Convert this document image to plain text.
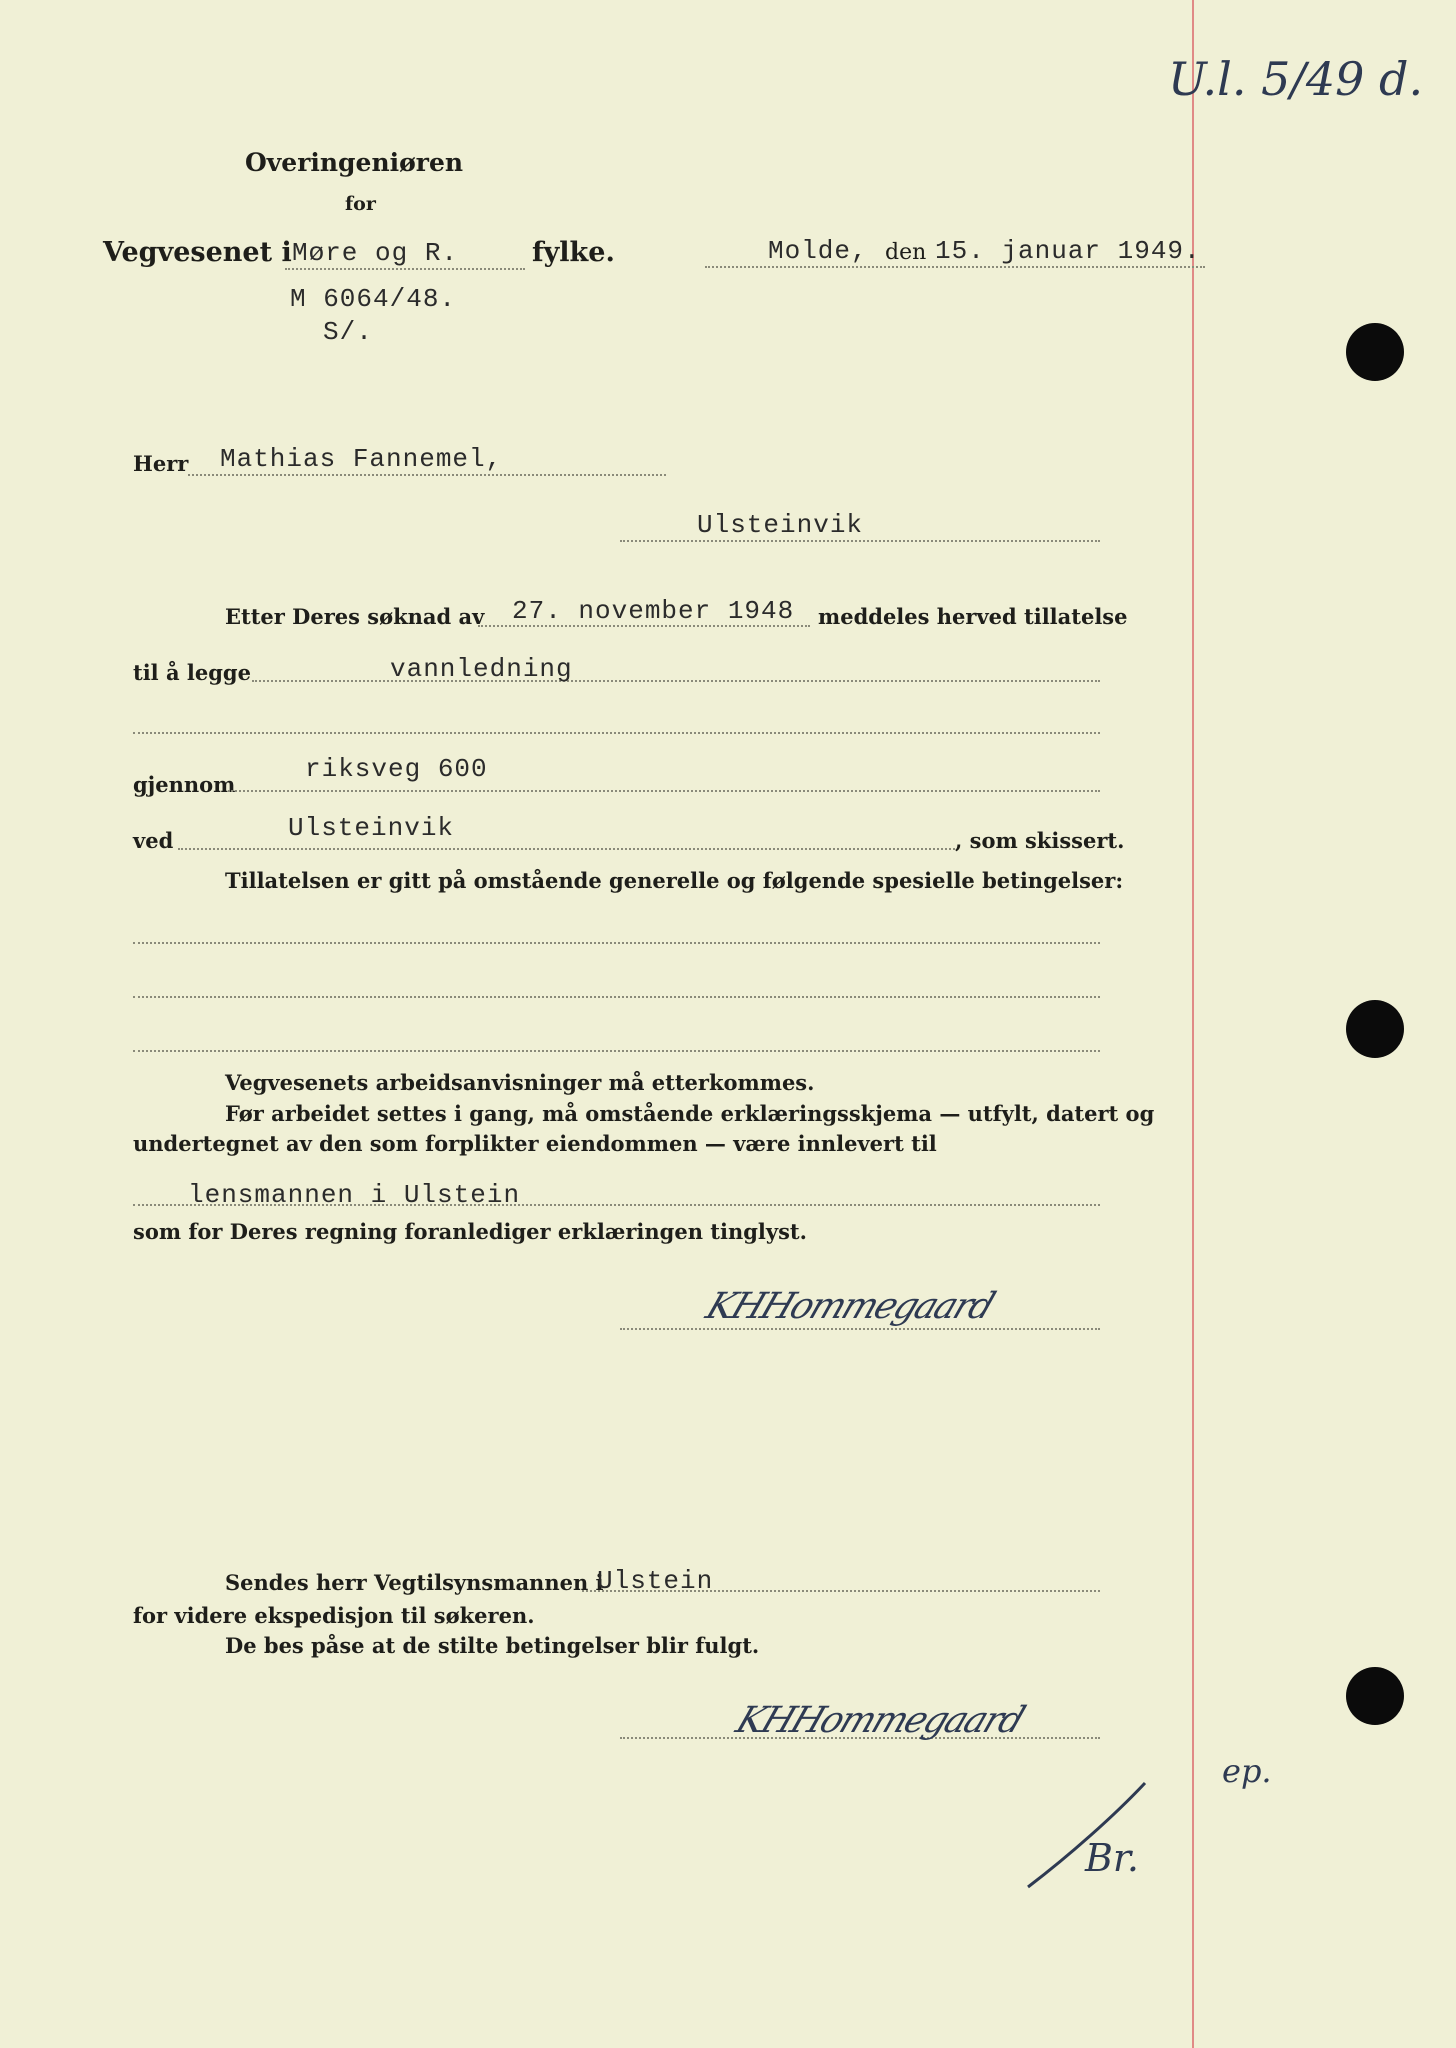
U.l. 5/49 d.
Overingeniøren
for
Vegvesenet i Møre og R.	fylke.	Molde, den 15. januar 1949.
M 6064/48.
S/.
Herr Mathias Fannemel,
Ulsteinvik
Etter Deres søknad av 27. november 1948 meddeles herved tillatelse
til å legge	vannledning
gjennom
riksveg 600
ved	Ulsteinvik	, som skissert.
Tillatelsen er gitt på omstående generelle og følgende spesielle betingelser:
Vegvesenets arbeidsanvisninger må etterkommes.
Før arbeidet settes i gang, må omstående erklæringsskjema — utfylt, datert og
undertegnet av den som forplikter eiendommen — være innlevert til
lensmannen i Ulstein
som for Deres regning foranlediger erklæringen tinglyst.
KHHommegaard
Sendes herr Vegtilsynsmannen i
Ulstein
for videre ekspedisjon til søkeren.
De bes påse at de stilte betingelser blir fulgt.
KHHommegaard
ep.
Br.
